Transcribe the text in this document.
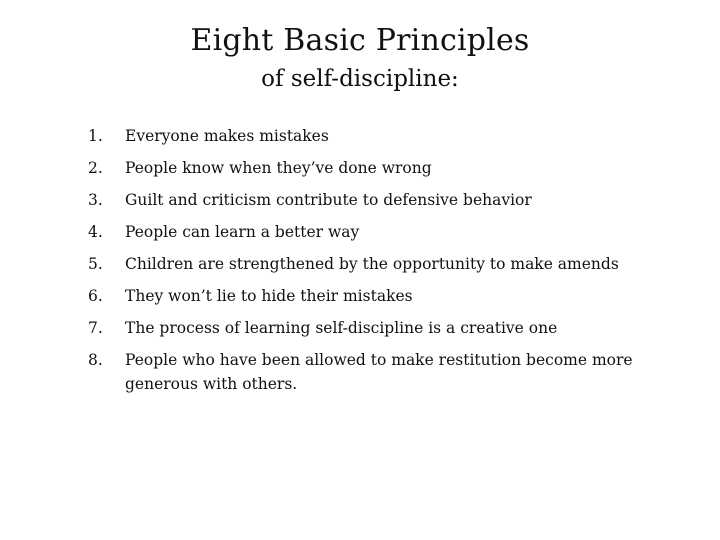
Eight Basic Principles
of self-discipline:
1.	Everyone makes mistakes
2.	People know when they’ve done wrong
3.	Guilt and criticism contribute to defensive behavior
4.	People can learn a better way
5.	Children are strengthened by the opportunity to make amends
6.	They won’t lie to hide their mistakes
7.	The process of learning self-discipline is a creative one
8.	People who have been allowed to make restitution become more generous with others.
